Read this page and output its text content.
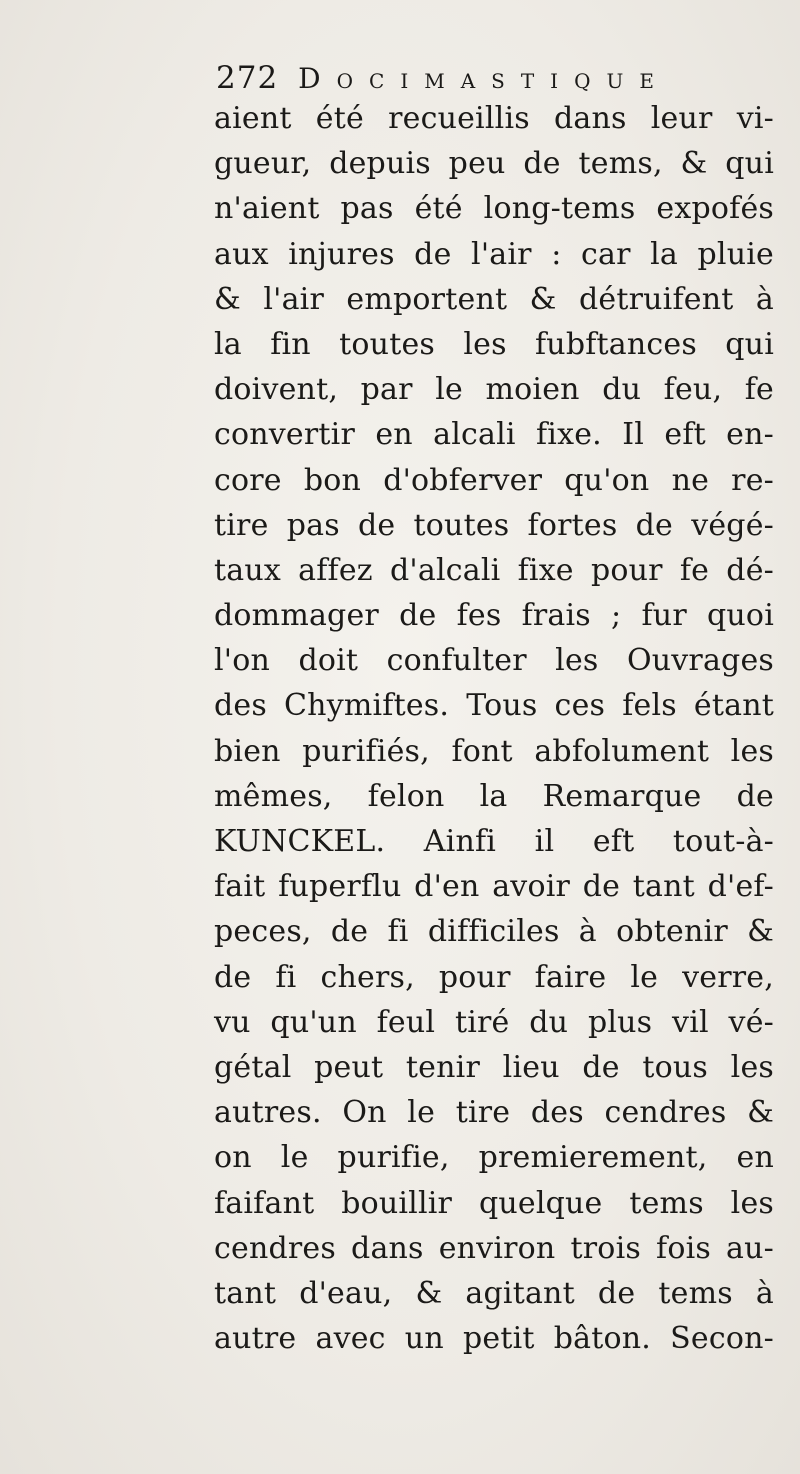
272 Docimastique
aient été recueillis dans leur vi-
gueur, depuis peu de tems, & qui
n'aient pas été long-tems expofés
aux injures de l'air : car la pluie
& l'air emportent & détruifent à
la fin toutes les fubftances qui
doivent, par le moien du feu, fe
convertir en alcali fixe. Il eft en-
core bon d'obferver qu'on ne re-
tire pas de toutes fortes de végé-
taux affez d'alcali fixe pour fe dé-
dommager de fes frais ; fur quoi
l'on doit confulter les Ouvrages
des Chymiftes. Tous ces fels étant
bien purifiés, font abfolument les
mêmes, felon la Remarque de
KUNCKEL. Ainfi il eft tout-à-
fait fuperflu d'en avoir de tant d'ef-
peces, de fi difficiles à obtenir &
de fi chers, pour faire le verre,
vu qu'un feul tiré du plus vil vé-
gétal peut tenir lieu de tous les
autres. On le tire des cendres &
on le purifie, premierement, en
faifant bouillir quelque tems les
cendres dans environ trois fois au-
tant d'eau, & agitant de tems à
autre avec un petit bâton. Secon-
